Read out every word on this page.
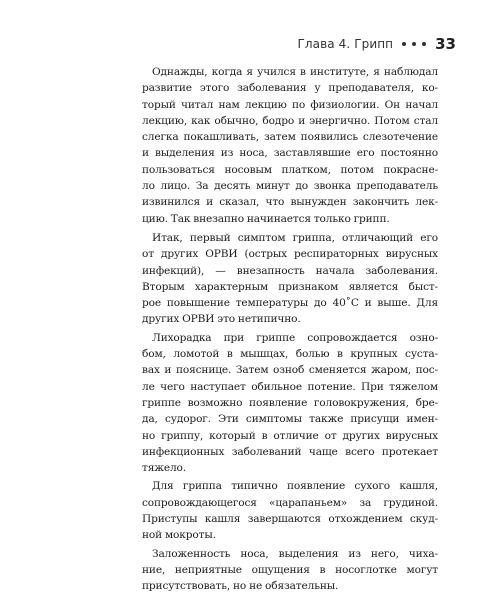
Глава 4. Грипп	33

Однажды, когда я учился в институте, я наблюдал
развитие этого заболевания у преподавателя, ко-
торый читал нам лекцию по физиологии. Он начал
лекцию, как обычно, бодро и энергично. Потом стал
слегка покашливать, затем появились слезотечение
и выделения из носа, заставлявшие его постоянно
пользоваться носовым платком, потом покрасне-
ло лицо. За десять минут до звонка преподаватель
извинился и сказал, что вынужден закончить лек-
цию. Так внезапно начинается только грипп.

Итак, первый симптом гриппа, отличающий его
от других ОРВИ (острых респираторных вирусных
инфекций), — внезапность начала заболевания.
Вторым характерным признаком является быст-
рое повышение температуры до 40˚С и выше. Для
других ОРВИ это нетипично.

Лихорадка при гриппе сопровождается озно-
бом, ломотой в мышцах, болью в крупных суста-
вах и пояснице. Затем озноб сменяется жаром, пос-
ле чего наступает обильное потение. При тяжелом
гриппе возможно появление головокружения, бре-
да, судорог. Эти симптомы также присущи имен-
но гриппу, который в отличие от других вирусных
инфекционных заболеваний чаще всего протекает
тяжело.

Для гриппа типично появление сухого кашля,
сопровождающегося «царапаньем» за грудиной.
Приступы кашля завершаются отхождением скуд-
ной мокроты.

Заложенность носа, выделения из него, чиха-
ние, неприятные ощущения в носоглотке могут
присутствовать, но не обязательны.
